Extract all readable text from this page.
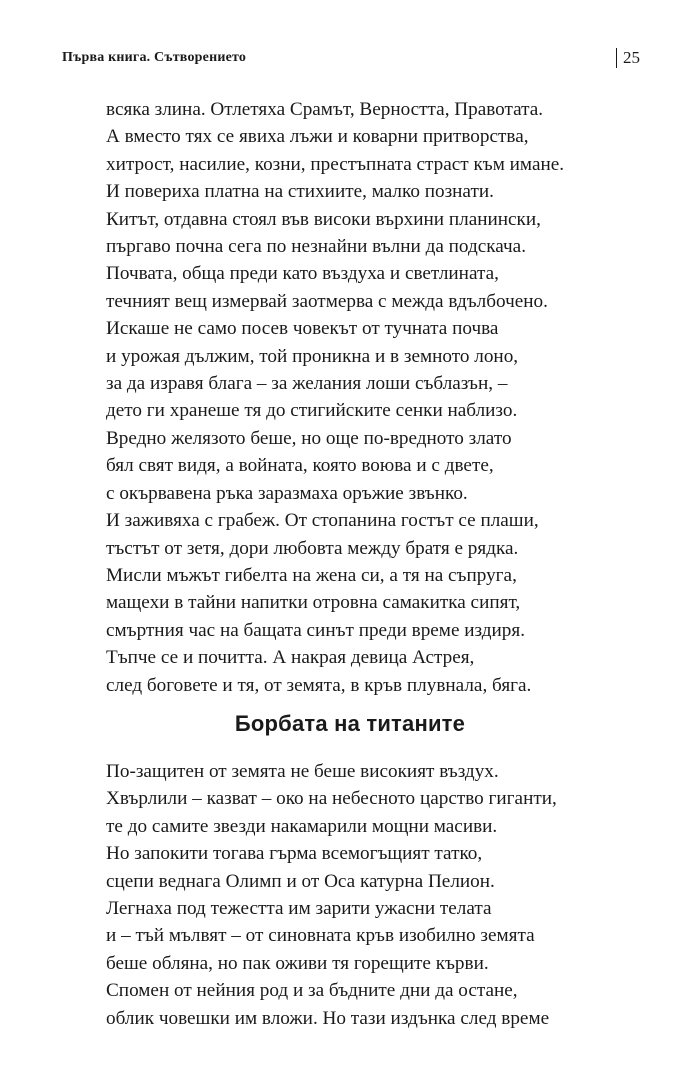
Първа книга. Сътворението	25
всяка злина. Отлетяха Срамът, Верността, Правотата.
А вместо тях се явиха лъжи и коварни притворства,
хитрост, насилие, козни, престъпната страст към имане.
И повериха платна на стихиите, малко познати.
Китът, отдавна стоял във високи върхини планински,
пъргаво почна сега по незнайни вълни да подскача.
Почвата, обща преди като въздуха и светлината,
течният вещ измервай заотмерва с межда вдълбочено.
Искаше не само посев човекът от тучната почва
и урожая дължим, той проникна и в земното лоно,
за да изравя блага – за желания лоши съблазън, –
дето ги хранеше тя до стигийските сенки наблизо.
Вредно желязото беше, но още по-вредното злато
бял свят видя, а войната, която воюва и с двете,
с окървавена ръка заразмаха оръжие звънко.
И заживяха с грабеж. От стопанина гостът се плаши,
тъстът от зетя, дори любовта между братя е рядка.
Мисли мъжът гибелта на жена си, а тя на съпруга,
мащехи в тайни напитки отровна самакитка сипят,
смъртния час на бащата синът преди време издиря.
Тъпче се и почитта. А накрая девица Астрея,
след боговете и тя, от земята, в кръв плувнала, бяга.
Борбата на титаните
По-защитен от земята не беше високият въздух.
Хвърлили – казват – око на небесното царство гиганти,
те до самите звезди накамарили мощни масиви.
Но запокити тогава гърма всемогъщият татко,
сцепи веднага Олимп и от Оса катурна Пелион.
Легнаха под тежестта им зарити ужасни телата
и – тъй мълвят – от синовната кръв изобилно земята
беше обляна, но пак оживи тя горещите кърви.
Спомен от нейния род и за бъдните дни да остане,
облик човешки им вложи. Но тази издънка след време
